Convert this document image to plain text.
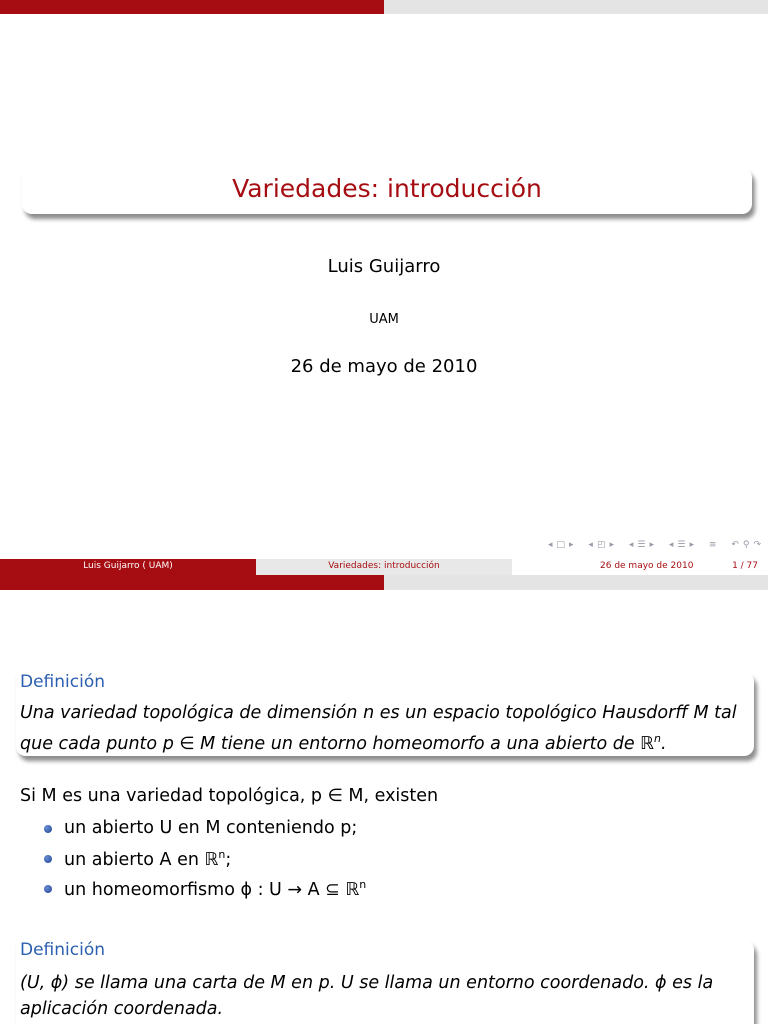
Variedades: introducción
Luis Guijarro
UAM
26 de mayo de 2010
◂ □ ▸ ◂ ◰ ▸ ◂ ☰ ▸ ◂ ☰ ▸ ≡ ↶ ⚲ ↷
Luis Guijarro ( UAM)	Variedades: introducción	26 de mayo de 2010	1 / 77
Definición
Una variedad topológica de dimensión n es un espacio topológico Hausdorff M tal
que cada punto p ∈ M tiene un entorno homeomorfo a una abierto de ℝ$^n$.
Si M es una variedad topológica, p ∈ M, existen
un abierto U en M conteniendo p;
un abierto A en ℝ$^n$;
un homeomorfismo ϕ : U → A ⊆ ℝ$^n$
Definición
(U, ϕ) se llama una carta de M en p. U se llama un entorno coordenado. ϕ es la
aplicación coordenada.
